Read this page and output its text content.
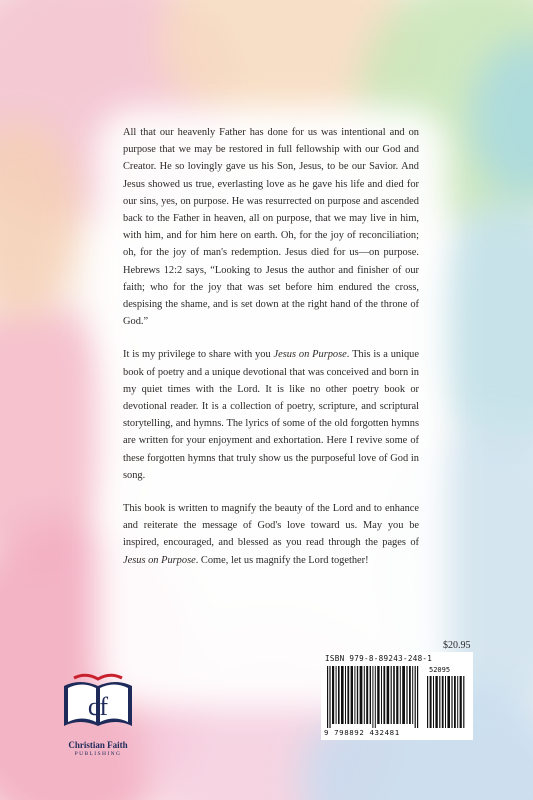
All that our heavenly Father has done for us was intentional and on purpose that we may be restored in full fellowship with our God and Creator. He so lovingly gave us his Son, Jesus, to be our Savior. And Jesus showed us true, everlasting love as he gave his life and died for our sins, yes, on purpose. He was resurrected on purpose and ascended back to the Father in heaven, all on purpose, that we may live in him, with him, and for him here on earth. Oh, for the joy of reconciliation; oh, for the joy of man's redemption. Jesus died for us—on purpose. Hebrews 12:2 says, “Looking to Jesus the author and finisher of our faith; who for the joy that was set before him endured the cross, despising the shame, and is set down at the right hand of the throne of God.”

It is my privilege to share with you Jesus on Purpose. This is a unique book of poetry and a unique devotional that was conceived and born in my quiet times with the Lord. It is like no other poetry book or devotional reader. It is a collection of poetry, scripture, and scriptural storytelling, and hymns. The lyrics of some of the old forgotten hymns are written for your enjoyment and exhortation. Here I revive some of these forgotten hymns that truly show us the purposeful love of God in song.

This book is written to magnify the beauty of the Lord and to enhance and reiterate the message of God's love toward us. May you be inspired, encouraged, and blessed as you read through the pages of Jesus on Purpose. Come, let us magnify the Lord together!

$20.95
ISBN 979-8-89243-248-1
52095
9 798892 432481
cf
Christian Faith
PUBLISHING
